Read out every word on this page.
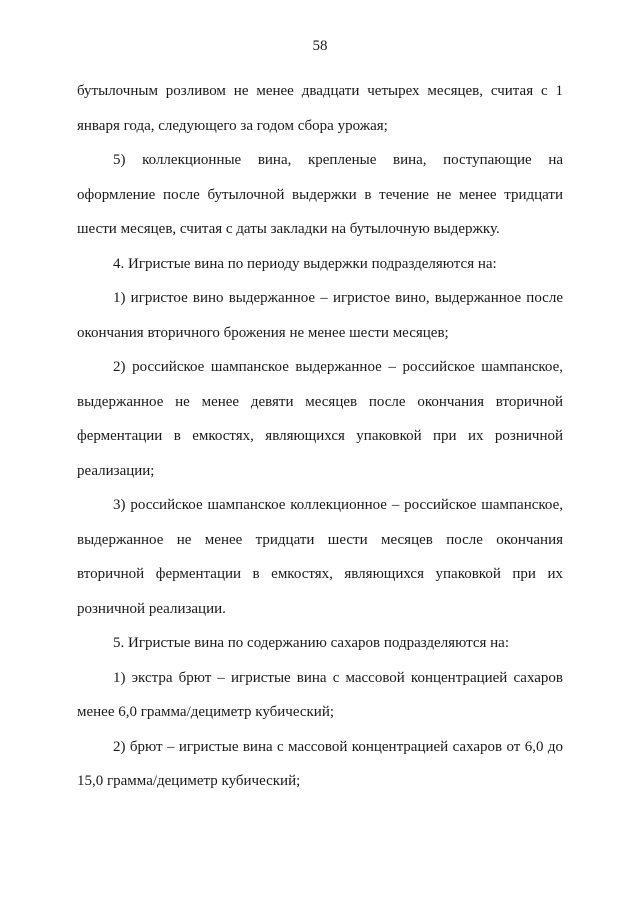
58

бутылочным розливом не менее двадцати четырех месяцев, считая с 1 января года, следующего за годом сбора урожая;

5) коллекционные вина, крепленые вина, поступающие на оформление после бутылочной выдержки в течение не менее тридцати шести месяцев, считая с даты закладки на бутылочную выдержку.

4. Игристые вина по периоду выдержки подразделяются на:

1) игристое вино выдержанное – игристое вино, выдержанное после окончания вторичного брожения не менее шести месяцев;

2) российское шампанское выдержанное – российское шампанское, выдержанное не менее девяти месяцев после окончания вторичной ферментации в емкостях, являющихся упаковкой при их розничной реализации;

3) российское шампанское коллекционное – российское шампанское, выдержанное не менее тридцати шести месяцев после окончания вторичной ферментации в емкостях, являющихся упаковкой при их розничной реализации.

5. Игристые вина по содержанию сахаров подразделяются на:

1) экстра брют – игристые вина с массовой концентрацией сахаров менее 6,0 грамма/дециметр кубический;

2) брют – игристые вина с массовой концентрацией сахаров от 6,0 до 15,0 грамма/дециметр кубический;
